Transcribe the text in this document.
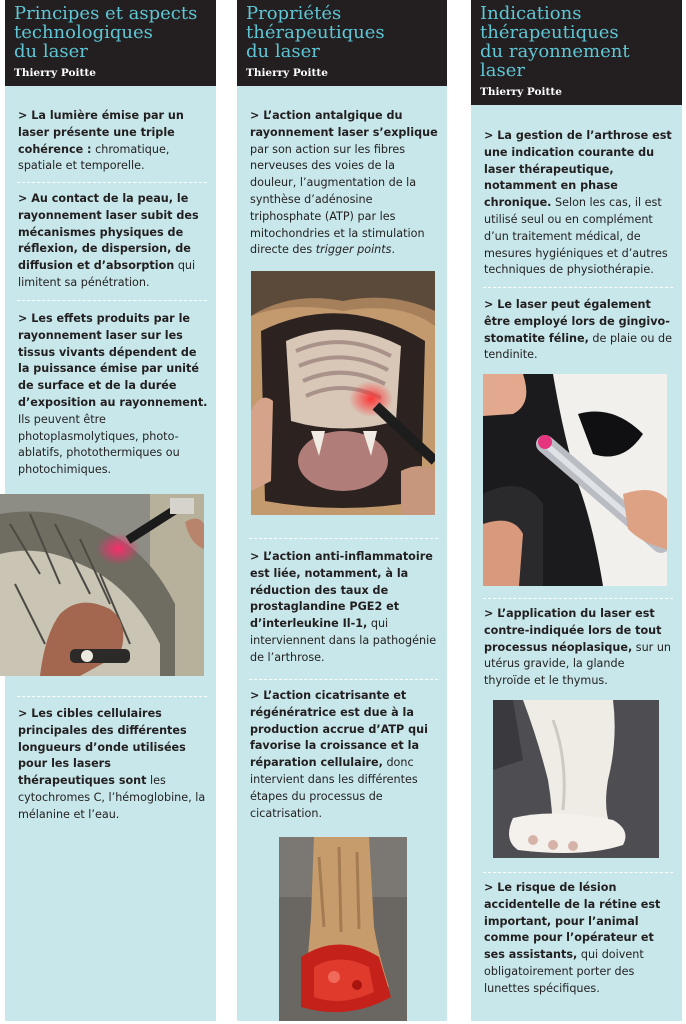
Principes et aspects
technologiques
du laser
Thierry Poitte

> La lumière émise par un laser présente une triple cohérence : chromatique, spatiale et temporelle.

> Au contact de la peau, le rayonnement laser subit des mécanismes physiques de réflexion, de dispersion, de diffusion et d’absorption qui limitent sa pénétration.

> Les effets produits par le rayonnement laser sur les tissus vivants dépendent de la puissance émise par unité de surface et de la durée d’exposition au rayonnement. Ils peuvent être photoplasmolytiques, photo-ablatifs, photothermiques ou photochimiques.

> Les cibles cellulaires principales des différentes longueurs d’onde utilisées pour les lasers thérapeutiques sont les cytochromes C, l’hémoglobine, la mélanine et l’eau.

Propriétés
thérapeutiques
du laser
Thierry Poitte

> L’action antalgique du rayonnement laser s’explique par son action sur les fibres nerveuses des voies de la douleur, l’augmentation de la synthèse d’adénosine triphosphate (ATP) par les mitochondries et la stimulation directe des trigger points.

> L’action anti-inflammatoire est liée, notamment, à la réduction des taux de prostaglandine PGE2 et d’interleukine Il-1, qui interviennent dans la pathogénie de l’arthrose.

> L’action cicatrisante et régénératrice est due à la production accrue d’ATP qui favorise la croissance et la réparation cellulaire, donc intervient dans les différentes étapes du processus de cicatrisation.

Indications
thérapeutiques
du rayonnement
laser
Thierry Poitte

> La gestion de l’arthrose est une indication courante du laser thérapeutique, notamment en phase chronique. Selon les cas, il est utilisé seul ou en complément d’un traitement médical, de mesures hygiéniques et d’autres techniques de physiothérapie.

> Le laser peut également être employé lors de gingivo-stomatite féline, de plaie ou de tendinite.

> L’application du laser est contre-indiquée lors de tout processus néoplasique, sur un utérus gravide, la glande thyroïde et le thymus.

> Le risque de lésion accidentelle de la rétine est important, pour l’animal comme pour l’opérateur et ses assistants, qui doivent obligatoirement porter des lunettes spécifiques.
